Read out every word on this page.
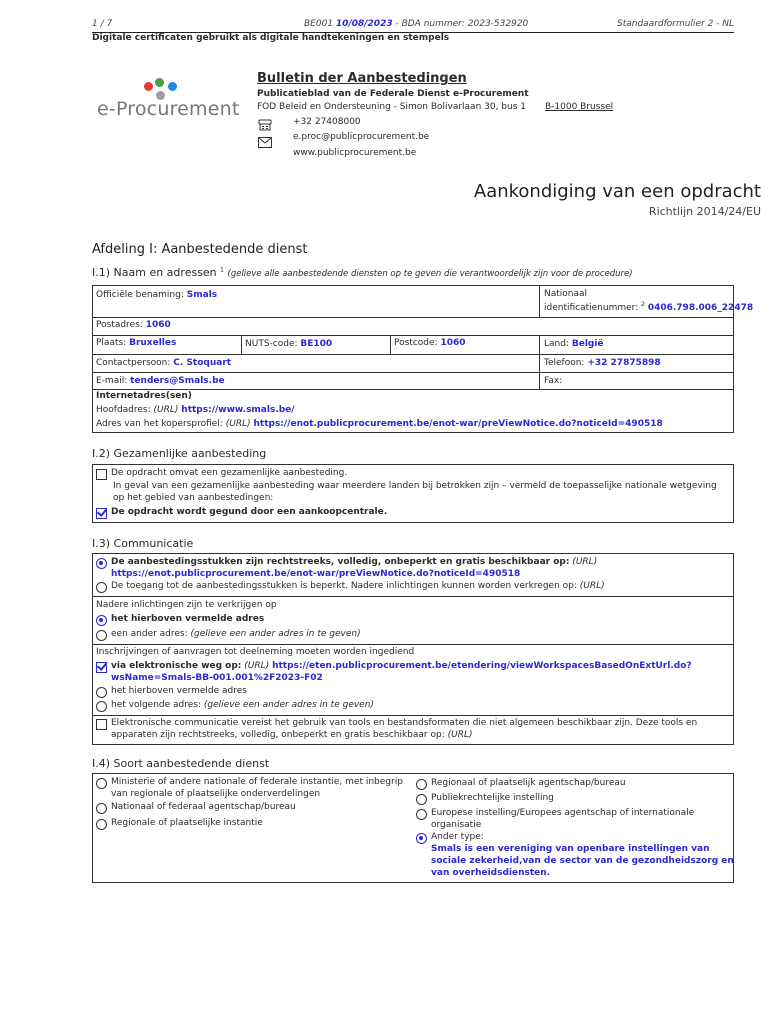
1 / 7	BE001 10/08/2023 - BDA nummer: 2023-532920	Standaardformulier 2 - NL
Digitale certificaten gebruikt als digitale handtekeningen en stempels
e-Procurement
Bulletin der Aanbestedingen
Publicatieblad van de Federale Dienst e-Procurement
FOD Beleid en Ondersteuning - Simon Bolivarlaan 30, bus 1 B-1000 Brussel
+32 27408000
e.proc@publicprocurement.be
www.publicprocurement.be
Aankondiging van een opdracht
Richtlijn 2014/24/EU
Afdeling I: Aanbestedende dienst
I.1) Naam en adressen $^1$ (gelieve alle aanbestedende diensten op te geven die verantwoordelijk zijn voor de procedure)
Officiële benaming: Smals	Nationaal
identificatienummer: $^2$ 0406.798.006_22478
Postadres: 1060
Plaats: Bruxelles	NUTS-code: BE100	Postcode: 1060	Land: België
Contactpersoon: C. Stoquart	Telefoon: +32 27875898
E-mail: tenders@Smals.be	Fax:
Internetadres(sen)
Hoofdadres: (URL) https://www.smals.be/
Adres van het kopersprofiel: (URL) https://enot.publicprocurement.be/enot-war/preViewNotice.do?noticeId=490518
I.2) Gezamenlijke aanbesteding
De opdracht omvat een gezamenlijke aanbesteding.
In geval van een gezamenlijke aanbesteding waar meerdere landen bij betrokken zijn – vermeld de toepasselijke nationale wetgeving
op het gebied van aanbestedingen:
De opdracht wordt gegund door een aankoopcentrale.
I.3) Communicatie
De aanbestedingsstukken zijn rechtstreeks, volledig, onbeperkt en gratis beschikbaar op: (URL)
https://enot.publicprocurement.be/enot-war/preViewNotice.do?noticeId=490518
De toegang tot de aanbestedingsstukken is beperkt. Nadere inlichtingen kunnen worden verkregen op: (URL)
Nadere inlichtingen zijn te verkrijgen op
het hierboven vermelde adres
een ander adres: (gelieve een ander adres in te geven)
Inschrijvingen of aanvragen tot deelneming moeten worden ingediend
via elektronische weg op: (URL) https://eten.publicprocurement.be/etendering/viewWorkspacesBasedOnExtUrl.do?
wsName=Smals-BB-001.001%2F2023-F02
het hierboven vermelde adres
het volgende adres: (gelieve een ander adres in te geven)
Elektronische communicatie vereist het gebruik van tools en bestandsformaten die niet algemeen beschikbaar zijn. Deze tools en
apparaten zijn rechtstreeks, volledig, onbeperkt en gratis beschikbaar op: (URL)
I.4) Soort aanbestedende dienst
Ministerie of andere nationale of federale instantie, met inbegrip
van regionale of plaatselijke onderverdelingen
Nationaal of federaal agentschap/bureau
Regionale of plaatselijke instantie
Regionaal of plaatselijk agentschap/bureau
Publiekrechtelijke instelling
Europese instelling/Europees agentschap of internationale
organisatie
Ander type:
Smals is een vereniging van openbare instellingen van
sociale zekerheid,van de sector van de gezondheidszorg en
van overheidsdiensten.
